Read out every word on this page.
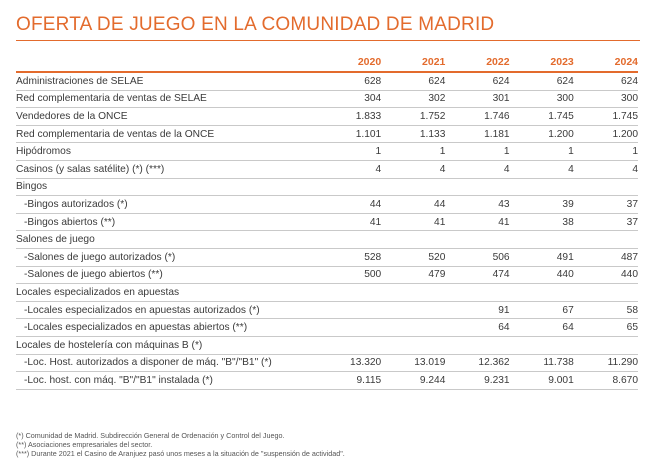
OFERTA DE JUEGO EN LA COMUNIDAD DE MADRID
	2020	2021	2022	2023	2024
Administraciones de SELAE	628	624	624	624	624
Red complementaria de ventas de SELAE	304	302	301	300	300
Vendedores de la ONCE	1.833	1.752	1.746	1.745	1.745
Red complementaria de ventas de la ONCE	1.101	1.133	1.181	1.200	1.200
Hipódromos	1	1	1	1	1
Casinos (y salas satélite) (*) (***)	4	4	4	4	4
Bingos					
-Bingos autorizados (*)	44	44	43	39	37
-Bingos abiertos (**)	41	41	41	38	37
Salones de juego					
-Salones de juego autorizados (*)	528	520	506	491	487
-Salones de juego abiertos (**)	500	479	474	440	440
Locales especializados en apuestas					
-Locales especializados en apuestas autorizados (*)			91	67	58
-Locales especializados en apuestas abiertos (**)			64	64	65
Locales de hostelería con máquinas B (*)					
-Loc. Host. autorizados a disponer de máq. "B"/"B1" (*)	13.320	13.019	12.362	11.738	11.290
-Loc. host. con máq. "B"/"B1" instalada (*)	9.115	9.244	9.231	9.001	8.670
(*) Comunidad de Madrid. Subdirección General de Ordenación y Control del Juego.
(**) Asociaciones empresariales del sector.
(***) Durante 2021 el Casino de Aranjuez pasó unos meses a la situación de "suspensión de actividad".
